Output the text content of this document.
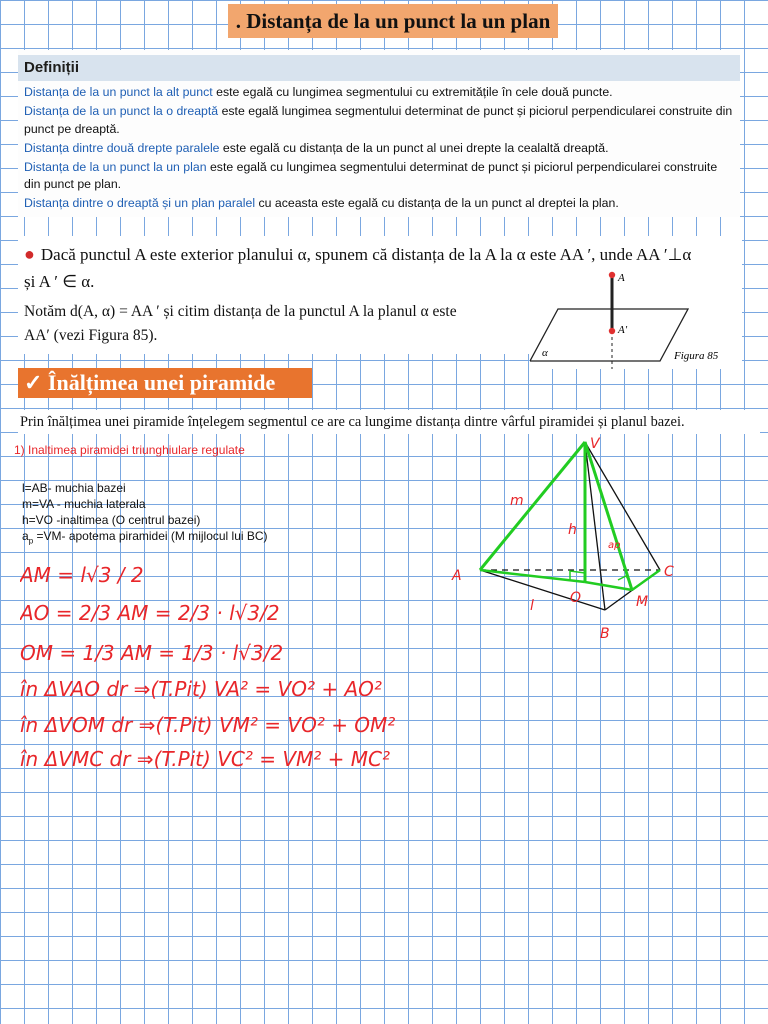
. Distanța de la un punct la un plan
Definiții

Distanța de la un punct la alt punct este egală cu lungimea segmentului cu extremitățile în cele două puncte.

Distanța de la un punct la o dreaptă este egală lungimea segmentului determinat de punct și piciorul perpendicularei construite din punct pe dreaptă.

Distanța dintre două drepte paralele este egală cu distanța de la un punct al unei drepte la cealaltă dreaptă.

Distanța de la un punct la un plan este egală cu lungimea segmentului determinat de punct și piciorul perpendicularei construite din punct pe plan.

Distanța dintre o dreaptă și un plan paralel cu aceasta este egală cu distanța de la un punct al dreptei la plan.

● Dacă punctul A este exterior planului α, spunem că distanța de la A la α este AA ′, unde AA ′⊥α
și A ′ ∈ α.
Notăm d(A, α) = AA ′ și citim distanța de la punctul A la planul α este
AA′ (vezi Figura 85).
A
A′
α	Figura 85
✓ Înălțimea unei piramide
Prin înălțimea unei piramide înțelegem segmentul ce are ca lungime distanța dintre vârful piramidei și planul bazei.
1) Inaltimea piramidei triunghiulare regulate
l=AB- muchia bazei
m=VA - muchia laterala
h=VO -inaltimea (O centrul bazei)
$a_p =VM-$ apotema piramidei (M mijlocul lui BC)
AM = l√3 / 2
AO = 2/3 AM = 2/3 · l√3/2
OM = 1/3 AM = 1/3 · l√3/2
în ΔVAO dr ⇒(T.Pit) VA² = VO² + AO²
în ΔVOM dr ⇒(T.Pit) VM² = VO² + OM²
în ΔVMC dr ⇒(T.Pit) VC² = VM² + MC²
V
A
B
C
O	M
m
h
l
ap
